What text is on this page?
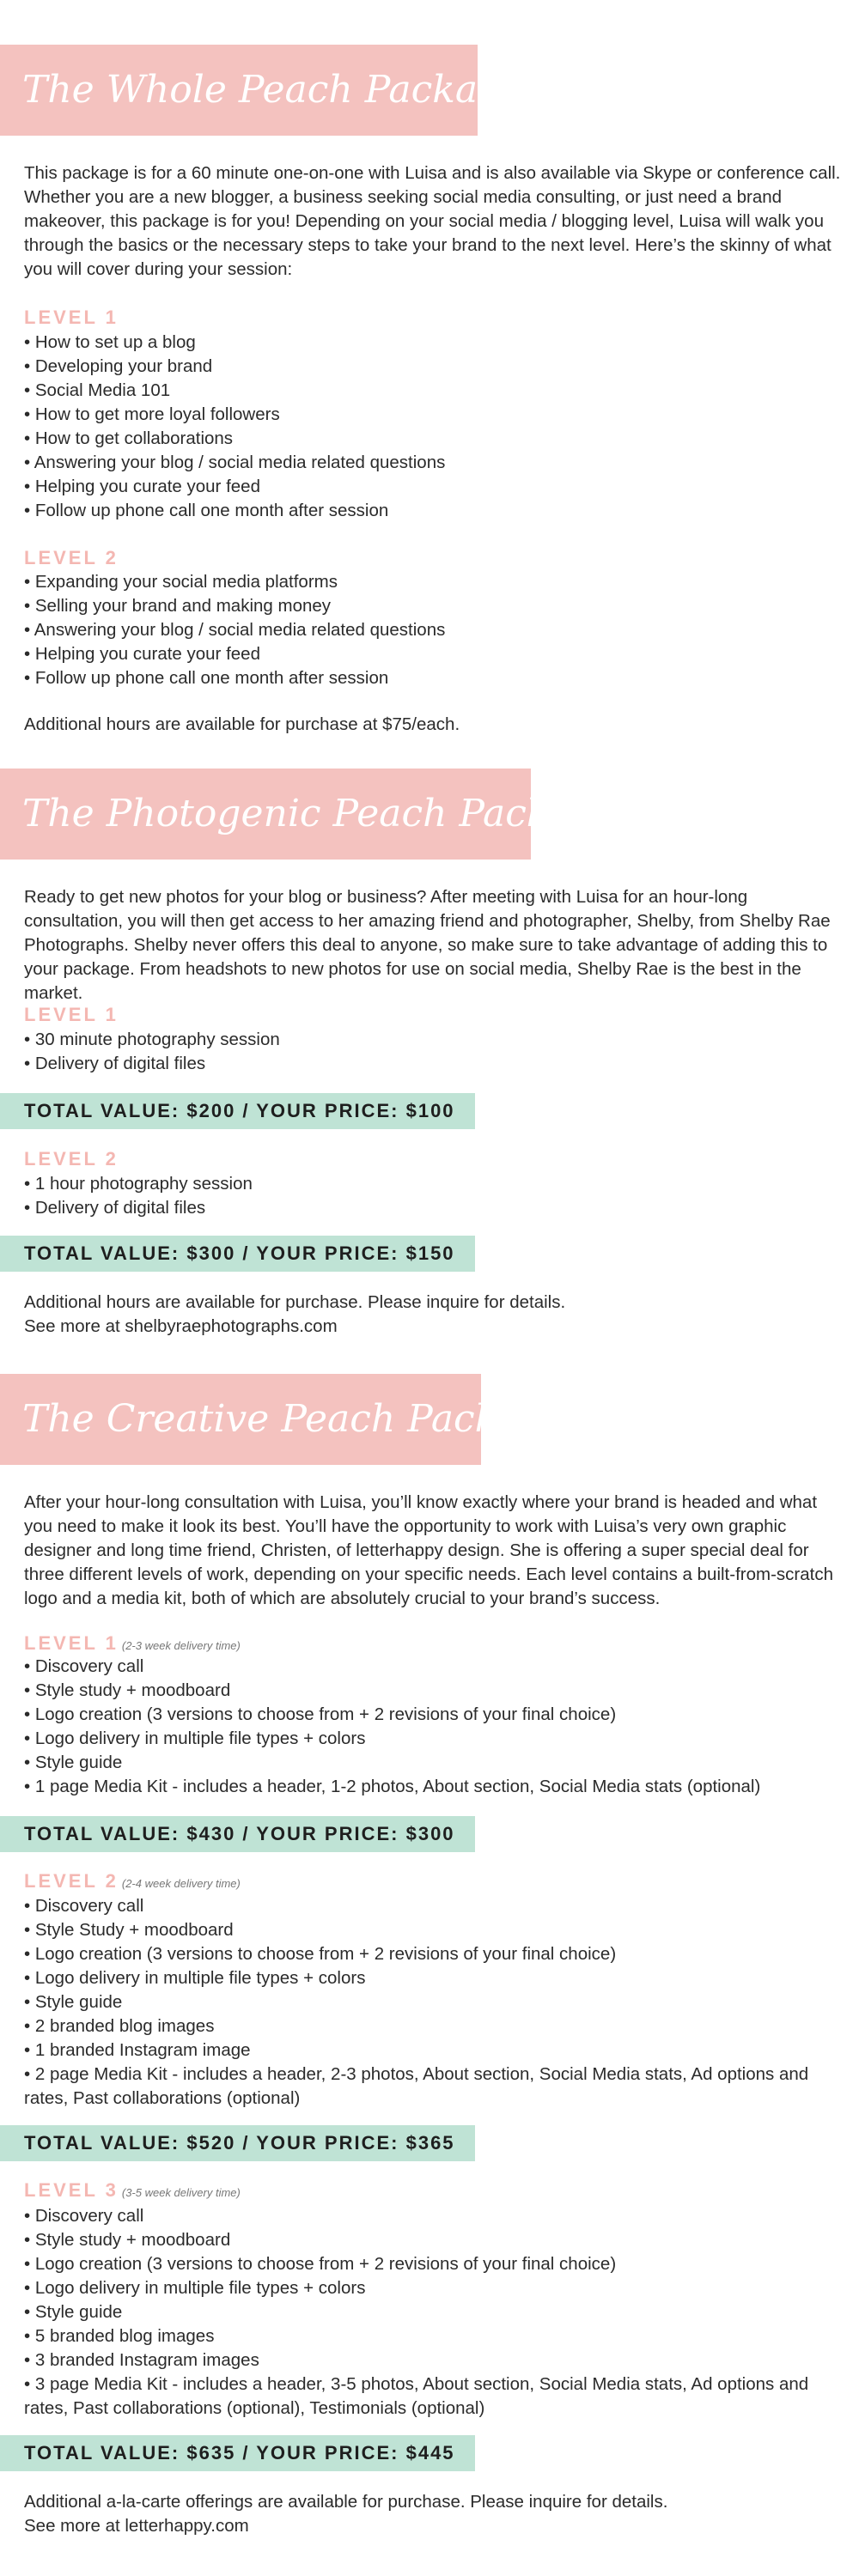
The Whole Peach Package

This package is for a 60 minute one-on-one with Luisa and is also available via Skype or conference call. Whether you are a new blogger, a business seeking social media consulting, or just need a brand makeover, this package is for you! Depending on your social media / blogging level, Luisa will walk you through the basics or the necessary steps to take your brand to the next level. Here’s the skinny of what you will cover during your session:

LEVEL 1
• How to set up a blog
• Developing your brand
• Social Media 101
• How to get more loyal followers
• How to get collaborations
• Answering your blog / social media related questions
• Helping you curate your feed
• Follow up phone call one month after session
LEVEL 2
• Expanding your social media platforms
• Selling your brand and making money
• Answering your blog / social media related questions
• Helping you curate your feed
• Follow up phone call one month after session

Additional hours are available for purchase at $75/each.

The Photogenic Peach Package

Ready to get new photos for your blog or business? After meeting with Luisa for an hour-long consultation, you will then get access to her amazing friend and photographer, Shelby, from Shelby Rae Photographs. Shelby never offers this deal to anyone, so make sure to take advantage of adding this to your package. From headshots to new photos for use on social media, Shelby Rae is the best in the market.

LEVEL 1
• 30 minute photography session
• Delivery of digital files
TOTAL VALUE: $200 / YOUR PRICE: $100
LEVEL 2
• 1 hour photography session
• Delivery of digital files
TOTAL VALUE: $300 / YOUR PRICE: $150

Additional hours are available for purchase. Please inquire for details.

See more at shelbyraephotographs.com

The Creative Peach Package

After your hour-long consultation with Luisa, you’ll know exactly where your brand is headed and what you need to make it look its best. You’ll have the opportunity to work with Luisa’s very own graphic designer and long time friend, Christen, of letterhappy design. She is offering a super special deal for three different levels of work, depending on your specific needs. Each level contains a built-from-scratch logo and a media kit, both of which are absolutely crucial to your brand’s success.

LEVEL 1 (2-3 week delivery time)
• Discovery call
• Style study + moodboard
• Logo creation (3 versions to choose from + 2 revisions of your final choice)
• Logo delivery in multiple file types + colors
• Style guide
• 1 page Media Kit - includes a header, 1-2 photos, About section, Social Media stats (optional)
TOTAL VALUE: $430 / YOUR PRICE: $300
LEVEL 2 (2-4 week delivery time)
• Discovery call
• Style Study + moodboard
• Logo creation (3 versions to choose from + 2 revisions of your final choice)
• Logo delivery in multiple file types + colors
• Style guide
• 2 branded blog images
• 1 branded Instagram image
• 2 page Media Kit - includes a header, 2-3 photos, About section, Social Media stats, Ad options and rates, Past collaborations (optional)
TOTAL VALUE: $520 / YOUR PRICE: $365
LEVEL 3 (3-5 week delivery time)
• Discovery call
• Style study + moodboard
• Logo creation (3 versions to choose from + 2 revisions of your final choice)
• Logo delivery in multiple file types + colors
• Style guide
• 5 branded blog images
• 3 branded Instagram images
• 3 page Media Kit - includes a header, 3-5 photos, About section, Social Media stats, Ad options and rates, Past collaborations (optional), Testimonials (optional)
TOTAL VALUE: $635 / YOUR PRICE: $445

Additional a-la-carte offerings are available for purchase. Please inquire for details.

See more at letterhappy.com
